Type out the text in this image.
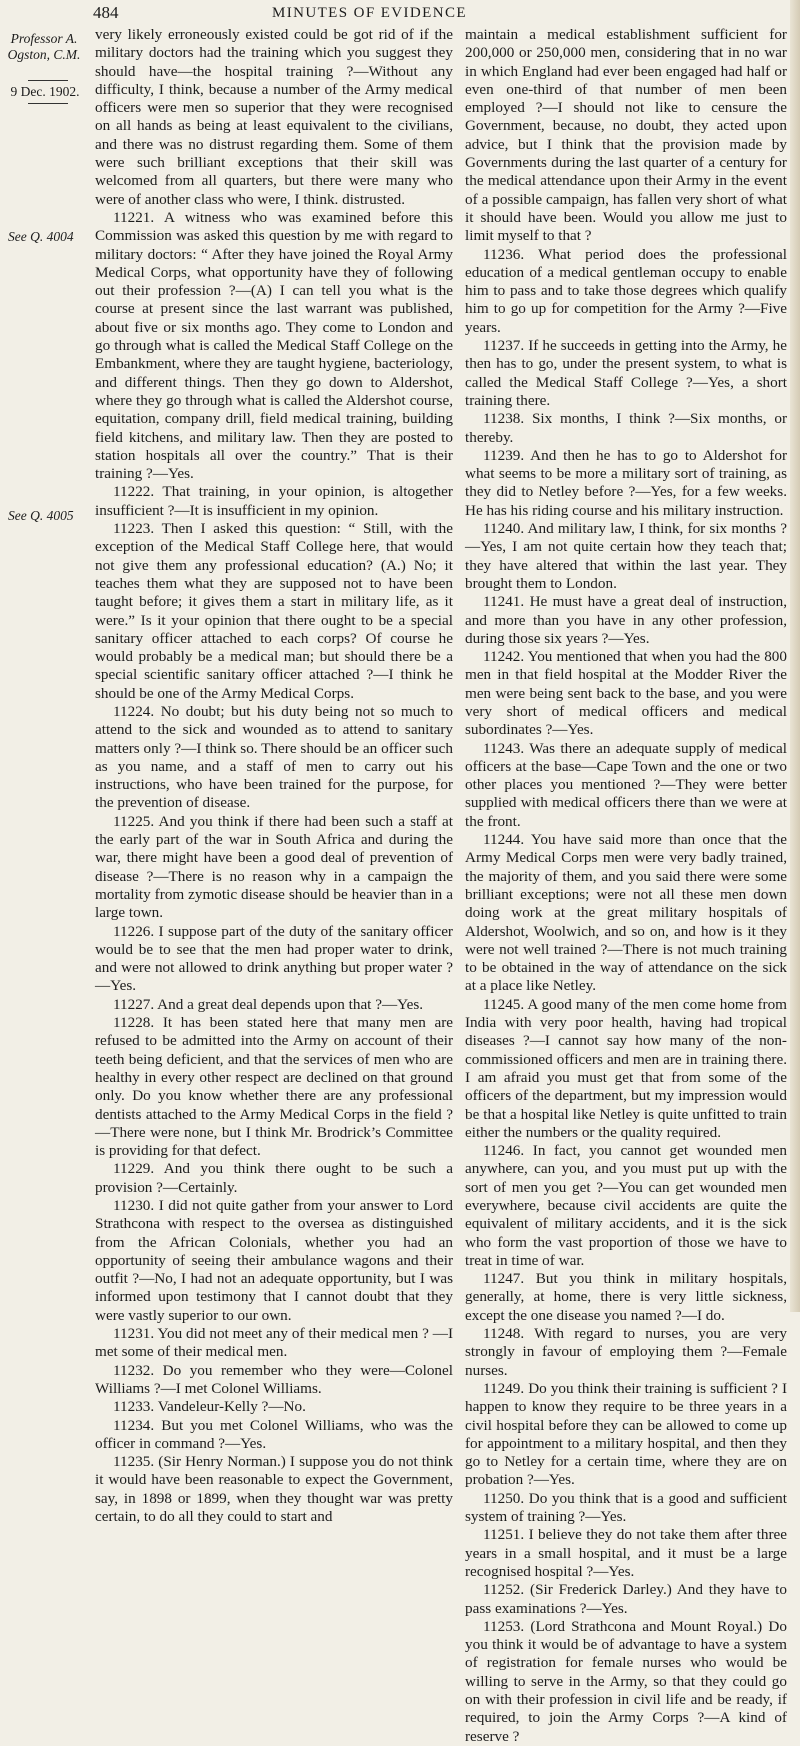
484	MINUTES OF EVIDENCE
Professor A. Ogston, C.M.
9 Dec. 1902.
See Q. 4004
See Q. 4005

very likely erroneously existed could be got rid of if the military doctors had the training which you suggest they should have—the hospital training ?—Without any difficulty, I think, because a number of the Army medical officers were men so superior that they were recognised on all hands as being at least equivalent to the civilians, and there was no distrust regarding them. Some of them were such brilliant exceptions that their skill was welcomed from all quarters, but there were many who were of another class who were, I think. distrusted.

11221. A witness who was examined before this Commission was asked this question by me with regard to military doctors: “ After they have joined the Royal Army Medical Corps, what opportunity have they of following out their profession ?—(A) I can tell you what is the course at present since the last warrant was published, about five or six months ago. They come to London and go through what is called the Medical Staff College on the Embankment, where they are taught hygiene, bacteriology, and different things. Then they go down to Aldershot, where they go through what is called the Aldershot course, equitation, company drill, field medical training, building field kitchens, and military law. Then they are posted to station hospitals all over the country.” That is their training ?—Yes.

11222. That training, in your opinion, is altogether insufficient ?—It is insufficient in my opinion.

11223. Then I asked this question: “ Still, with the exception of the Medical Staff College here, that would not give them any professional education? (A.) No; it teaches them what they are supposed not to have been taught before; it gives them a start in military life, as it were.” Is it your opinion that there ought to be a special sanitary officer attached to each corps? Of course he would probably be a medical man; but should there be a special scientific sanitary officer attached ?—I think he should be one of the Army Medical Corps.

11224. No doubt; but his duty being not so much to attend to the sick and wounded as to attend to sanitary matters only ?—I think so. There should be an officer such as you name, and a staff of men to carry out his instructions, who have been trained for the purpose, for the prevention of disease.

11225. And you think if there had been such a staff at the early part of the war in South Africa and during the war, there might have been a good deal of prevention of disease ?—There is no reason why in a campaign the mortality from zymotic disease should be heavier than in a large town.

11226. I suppose part of the duty of the sanitary officer would be to see that the men had proper water to drink, and were not allowed to drink anything but proper water ?—Yes.

11227. And a great deal depends upon that ?—Yes.

11228. It has been stated here that many men are refused to be admitted into the Army on account of their teeth being deficient, and that the services of men who are healthy in every other respect are declined on that ground only. Do you know whether there are any professional dentists attached to the Army Medical Corps in the field ?—There were none, but I think Mr. Brodrick’s Committee is providing for that defect.

11229. And you think there ought to be such a provision ?—Certainly.

11230. I did not quite gather from your answer to Lord Strathcona with respect to the oversea as distinguished from the African Colonials, whether you had an opportunity of seeing their ambulance wagons and their outfit ?—No, I had not an adequate opportunity, but I was informed upon testimony that I cannot doubt that they were vastly superior to our own.

11231. You did not meet any of their medical men ? —I met some of their medical men.

11232. Do you remember who they were—Colonel Williams ?—I met Colonel Williams.

11233. Vandeleur-Kelly ?—No.

11234. But you met Colonel Williams, who was the officer in command ?—Yes.

11235. (Sir Henry Norman.) I suppose you do not think it would have been reasonable to expect the Government, say, in 1898 or 1899, when they thought war was pretty certain, to do all they could to start and

maintain a medical establishment sufficient for 200,000 or 250,000 men, considering that in no war in which England had ever been engaged had half or even one-third of that number of men been employed ?—I should not like to censure the Government, because, no doubt, they acted upon advice, but I think that the provision made by Governments during the last quarter of a century for the medical attendance upon their Army in the event of a possible campaign, has fallen very short of what it should have been. Would you allow me just to limit myself to that ?

11236. What period does the professional education of a medical gentleman occupy to enable him to pass and to take those degrees which qualify him to go up for competition for the Army ?—Five years.

11237. If he succeeds in getting into the Army, he then has to go, under the present system, to what is called the Medical Staff College ?—Yes, a short training there.

11238. Six months, I think ?—Six months, or thereby.

11239. And then he has to go to Aldershot for what seems to be more a military sort of training, as they did to Netley before ?—Yes, for a few weeks. He has his riding course and his military instruction.

11240. And military law, I think, for six months ?—Yes, I am not quite certain how they teach that; they have altered that within the last year. They brought them to London.

11241. He must have a great deal of instruction, and more than you have in any other profession, during those six years ?—Yes.

11242. You mentioned that when you had the 800 men in that field hospital at the Modder River the men were being sent back to the base, and you were very short of medical officers and medical subordinates ?—Yes.

11243. Was there an adequate supply of medical officers at the base—Cape Town and the one or two other places you mentioned ?—They were better supplied with medical officers there than we were at the front.

11244. You have said more than once that the Army Medical Corps men were very badly trained, the majority of them, and you said there were some brilliant exceptions; were not all these men down doing work at the great military hospitals of Aldershot, Woolwich, and so on, and how is it they were not well trained ?—There is not much training to be obtained in the way of attendance on the sick at a place like Netley.

11245. A good many of the men come home from India with very poor health, having had tropical diseases ?—I cannot say how many of the non-commissioned officers and men are in training there. I am afraid you must get that from some of the officers of the department, but my impression would be that a hospital like Netley is quite unfitted to train either the numbers or the quality required.

11246. In fact, you cannot get wounded men anywhere, can you, and you must put up with the sort of men you get ?—You can get wounded men everywhere, because civil accidents are quite the equivalent of military accidents, and it is the sick who form the vast proportion of those we have to treat in time of war.

11247. But you think in military hospitals, generally, at home, there is very little sickness, except the one disease you named ?—I do.

11248. With regard to nurses, you are very strongly in favour of employing them ?—Female nurses.

11249. Do you think their training is sufficient ? I happen to know they require to be three years in a civil hospital before they can be allowed to come up for appointment to a military hospital, and then they go to Netley for a certain time, where they are on probation ?—Yes.

11250. Do you think that is a good and sufficient system of training ?—Yes.

11251. I believe they do not take them after three years in a small hospital, and it must be a large recognised hospital ?—Yes.

11252. (Sir Frederick Darley.) And they have to pass examinations ?—Yes.

11253. (Lord Strathcona and Mount Royal.) Do you think it would be of advantage to have a system of registration for female nurses who would be willing to serve in the Army, so that they could go on with their profession in civil life and be ready, if required, to join the Army Corps ?—A kind of reserve ?
